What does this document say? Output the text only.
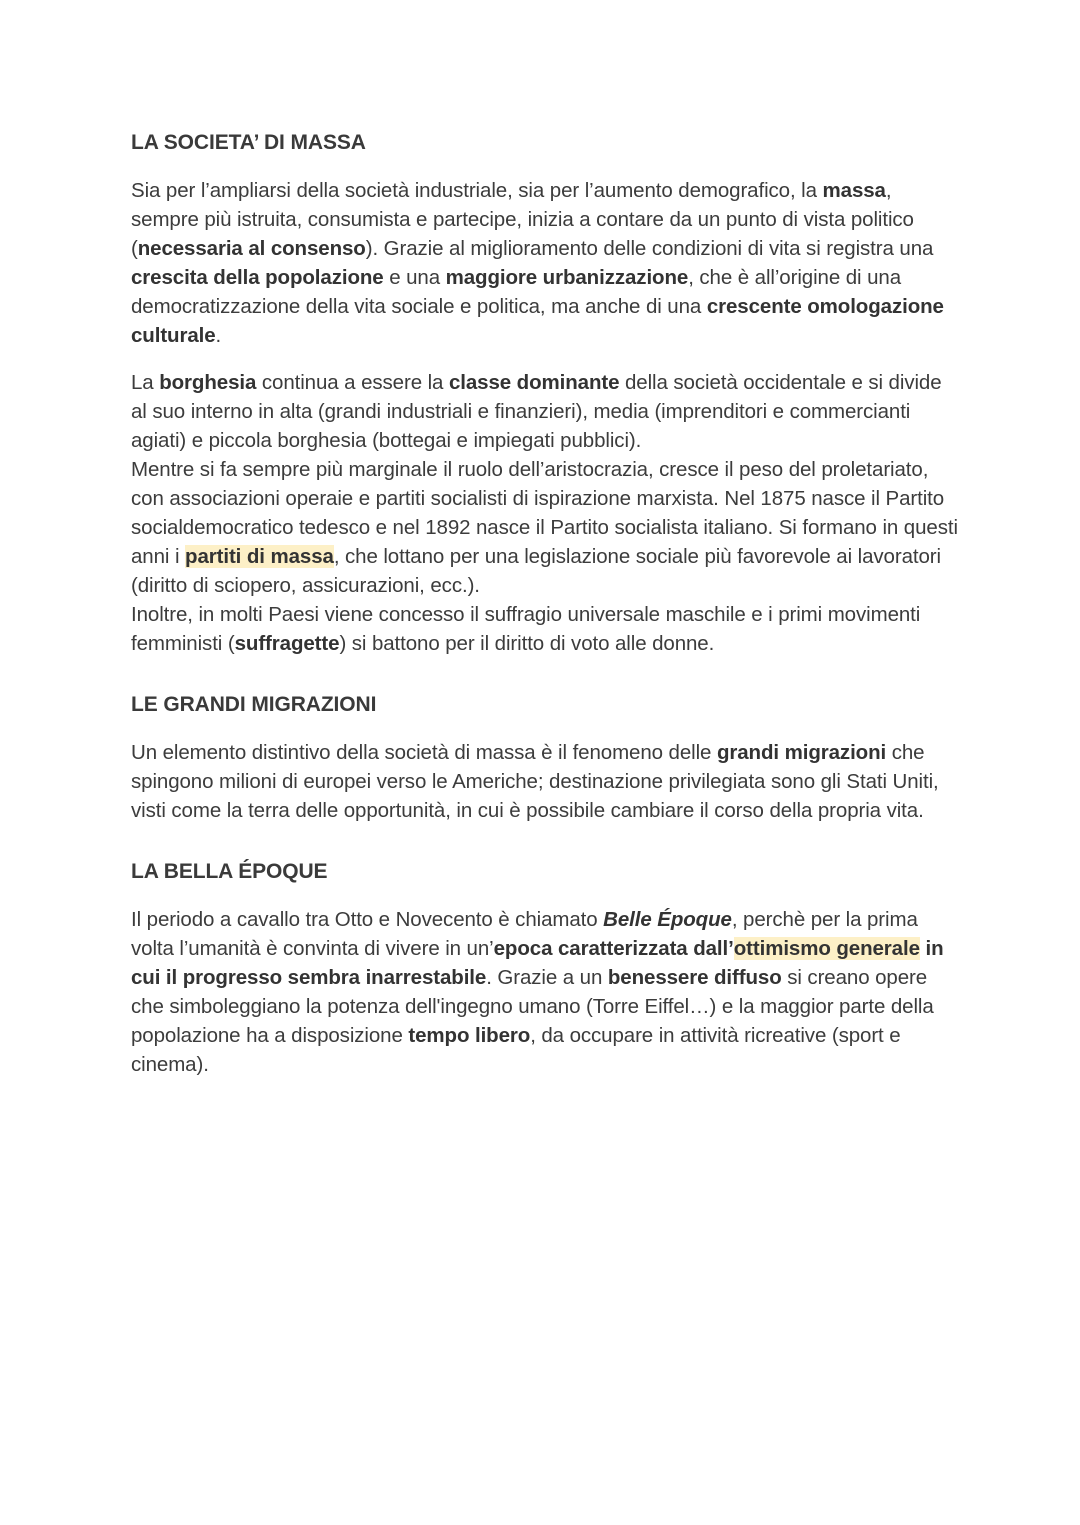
LA SOCIETA’ DI MASSA

Sia per l’ampliarsi della società industriale, sia per l’aumento demografico, la massa, sempre più istruita, consumista e partecipe, inizia a contare da un punto di vista politico (necessaria al consenso). Grazie al miglioramento delle condizioni di vita si registra una crescita della popolazione e una maggiore urbanizzazione, che è all’origine di una democratizzazione della vita sociale e politica, ma anche di una crescente omologazione culturale.

La borghesia continua a essere la classe dominante della società occidentale e si divide al suo interno in alta (grandi industriali e finanzieri), media (imprenditori e commercianti agiati) e piccola borghesia (bottegai e impiegati pubblici).

Mentre si fa sempre più marginale il ruolo dell’aristocrazia, cresce il peso del proletariato, con associazioni operaie e partiti socialisti di ispirazione marxista. Nel 1875 nasce il Partito socialdemocratico tedesco e nel 1892 nasce il Partito socialista italiano. Si formano in questi anni i partiti di massa, che lottano per una legislazione sociale più favorevole ai lavoratori (diritto di sciopero, assicurazioni, ecc.).

Inoltre, in molti Paesi viene concesso il suffragio universale maschile e i primi movimenti femministi (suffragette) si battono per il diritto di voto alle donne.

LE GRANDI MIGRAZIONI

Un elemento distintivo della società di massa è il fenomeno delle grandi migrazioni che spingono milioni di europei verso le Americhe; destinazione privilegiata sono gli Stati Uniti, visti come la terra delle opportunità, in cui è possibile cambiare il corso della propria vita.

LA BELLA ÉPOQUE

Il periodo a cavallo tra Otto e Novecento è chiamato Belle Époque, perchè per la prima volta l’umanità è convinta di vivere in un’epoca caratterizzata dall’ottimismo generale in cui il progresso sembra inarrestabile. Grazie a un benessere diffuso si creano opere che simboleggiano la potenza dell'ingegno umano (Torre Eiffel…) e la maggior parte della popolazione ha a disposizione tempo libero, da occupare in attività ricreative (sport e cinema).
